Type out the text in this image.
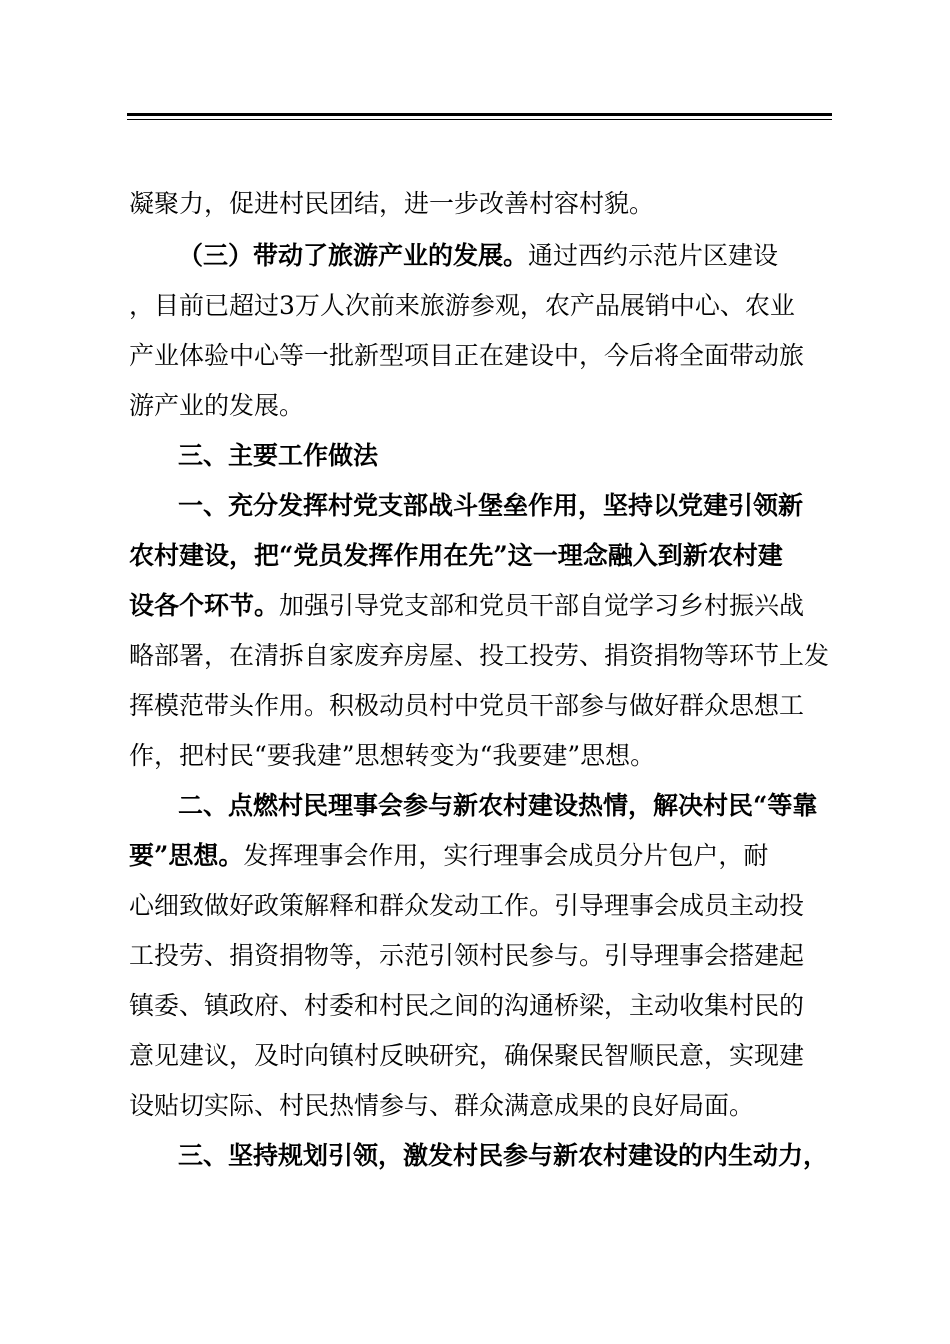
凝聚力，促进村民团结，进一步改善村容村貌。
（三）带动了旅游产业的发展。通过西约示范片区建设
，目前已超过3万人次前来旅游参观，农产品展销中心、农业
产业体验中心等一批新型项目正在建设中，今后将全面带动旅
游产业的发展。
三、主要工作做法
一、充分发挥村党支部战斗堡垒作用，坚持以党建引领新
农村建设，把“党员发挥作用在先”这一理念融入到新农村建
设各个环节。加强引导党支部和党员干部自觉学习乡村振兴战
略部署，在清拆自家废弃房屋、投工投劳、捐资捐物等环节上发
挥模范带头作用。积极动员村中党员干部参与做好群众思想工
作，把村民“要我建”思想转变为“我要建”思想。
二、点燃村民理事会参与新农村建设热情，解决村民“等靠
要”思想。发挥理事会作用，实行理事会成员分片包户，耐
心细致做好政策解释和群众发动工作。引导理事会成员主动投
工投劳、捐资捐物等，示范引领村民参与。引导理事会搭建起
镇委、镇政府、村委和村民之间的沟通桥梁，主动收集村民的
意见建议，及时向镇村反映研究，确保聚民智顺民意，实现建
设贴切实际、村民热情参与、群众满意成果的良好局面。
三、坚持规划引领，激发村民参与新农村建设的内生动力，
